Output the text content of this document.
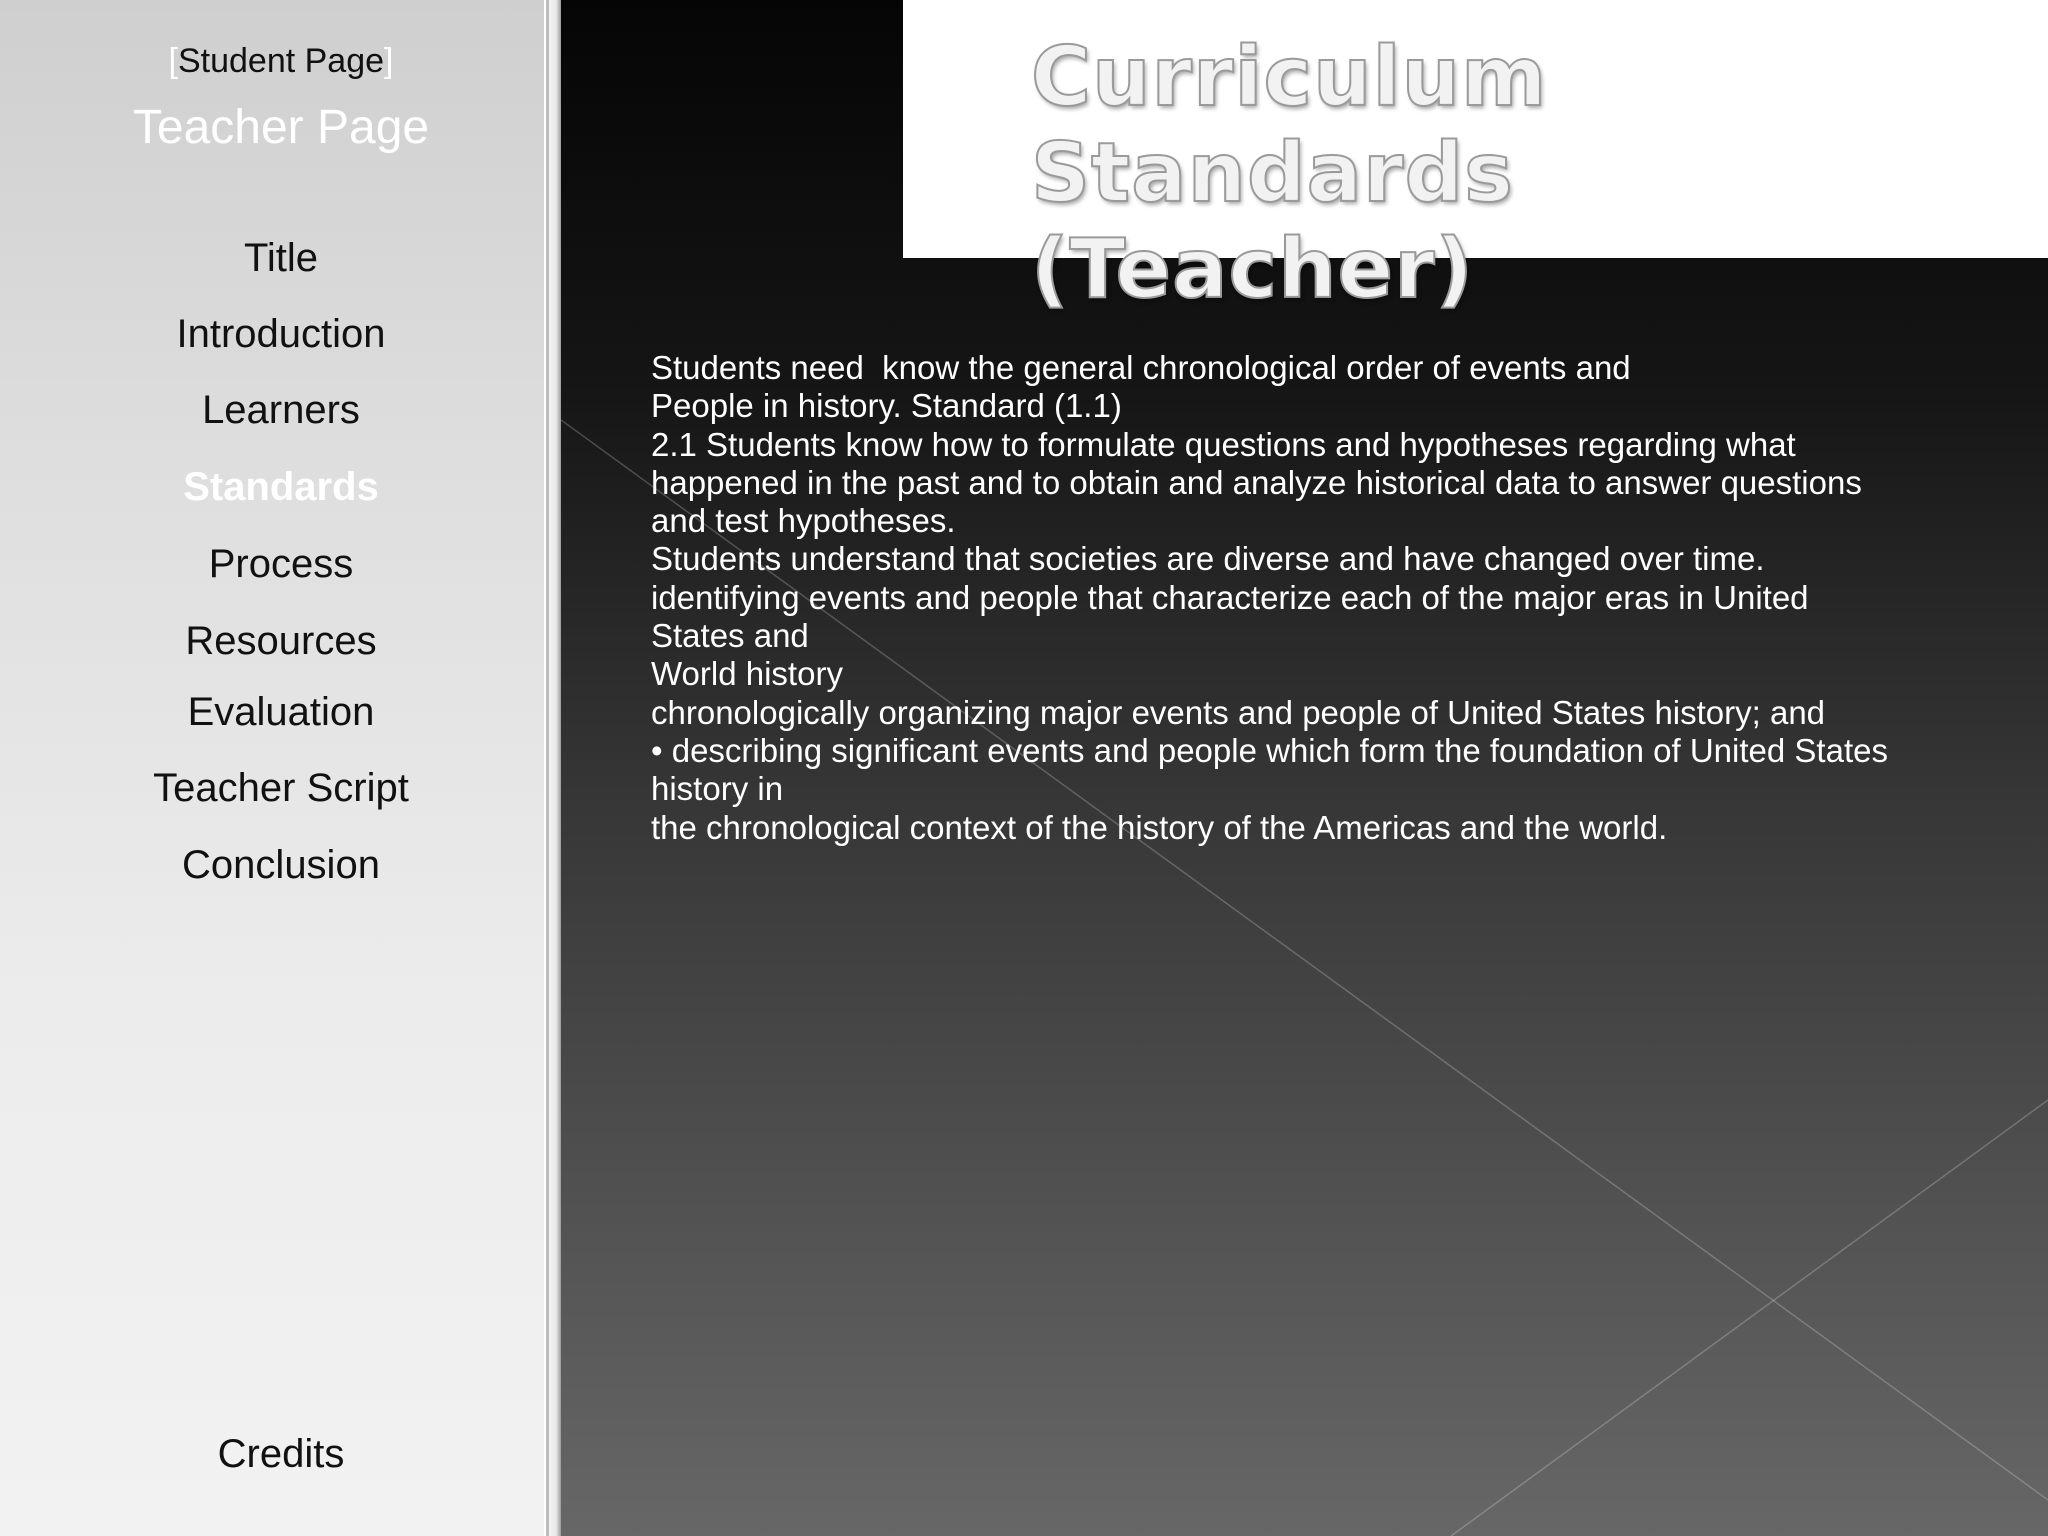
[Student Page]
Teacher Page
Title
Introduction
Learners
Standards
Process
Resources
Evaluation
Teacher Script
Conclusion
Credits
Curriculum Standards
(Teacher)

Students need  know the general chronological order of events and

People in history. Standard (1.1)

2.1 Students know how to formulate questions and hypotheses regarding what

happened in the past and to obtain and analyze historical data to answer questions

and test hypotheses.

Students understand that societies are diverse and have changed over time.

identifying events and people that characterize each of the major eras in United

States and

World history

chronologically organizing major events and people of United States history; and

• describing significant events and people which form the foundation of United States

history in

the chronological context of the history of the Americas and the world.
